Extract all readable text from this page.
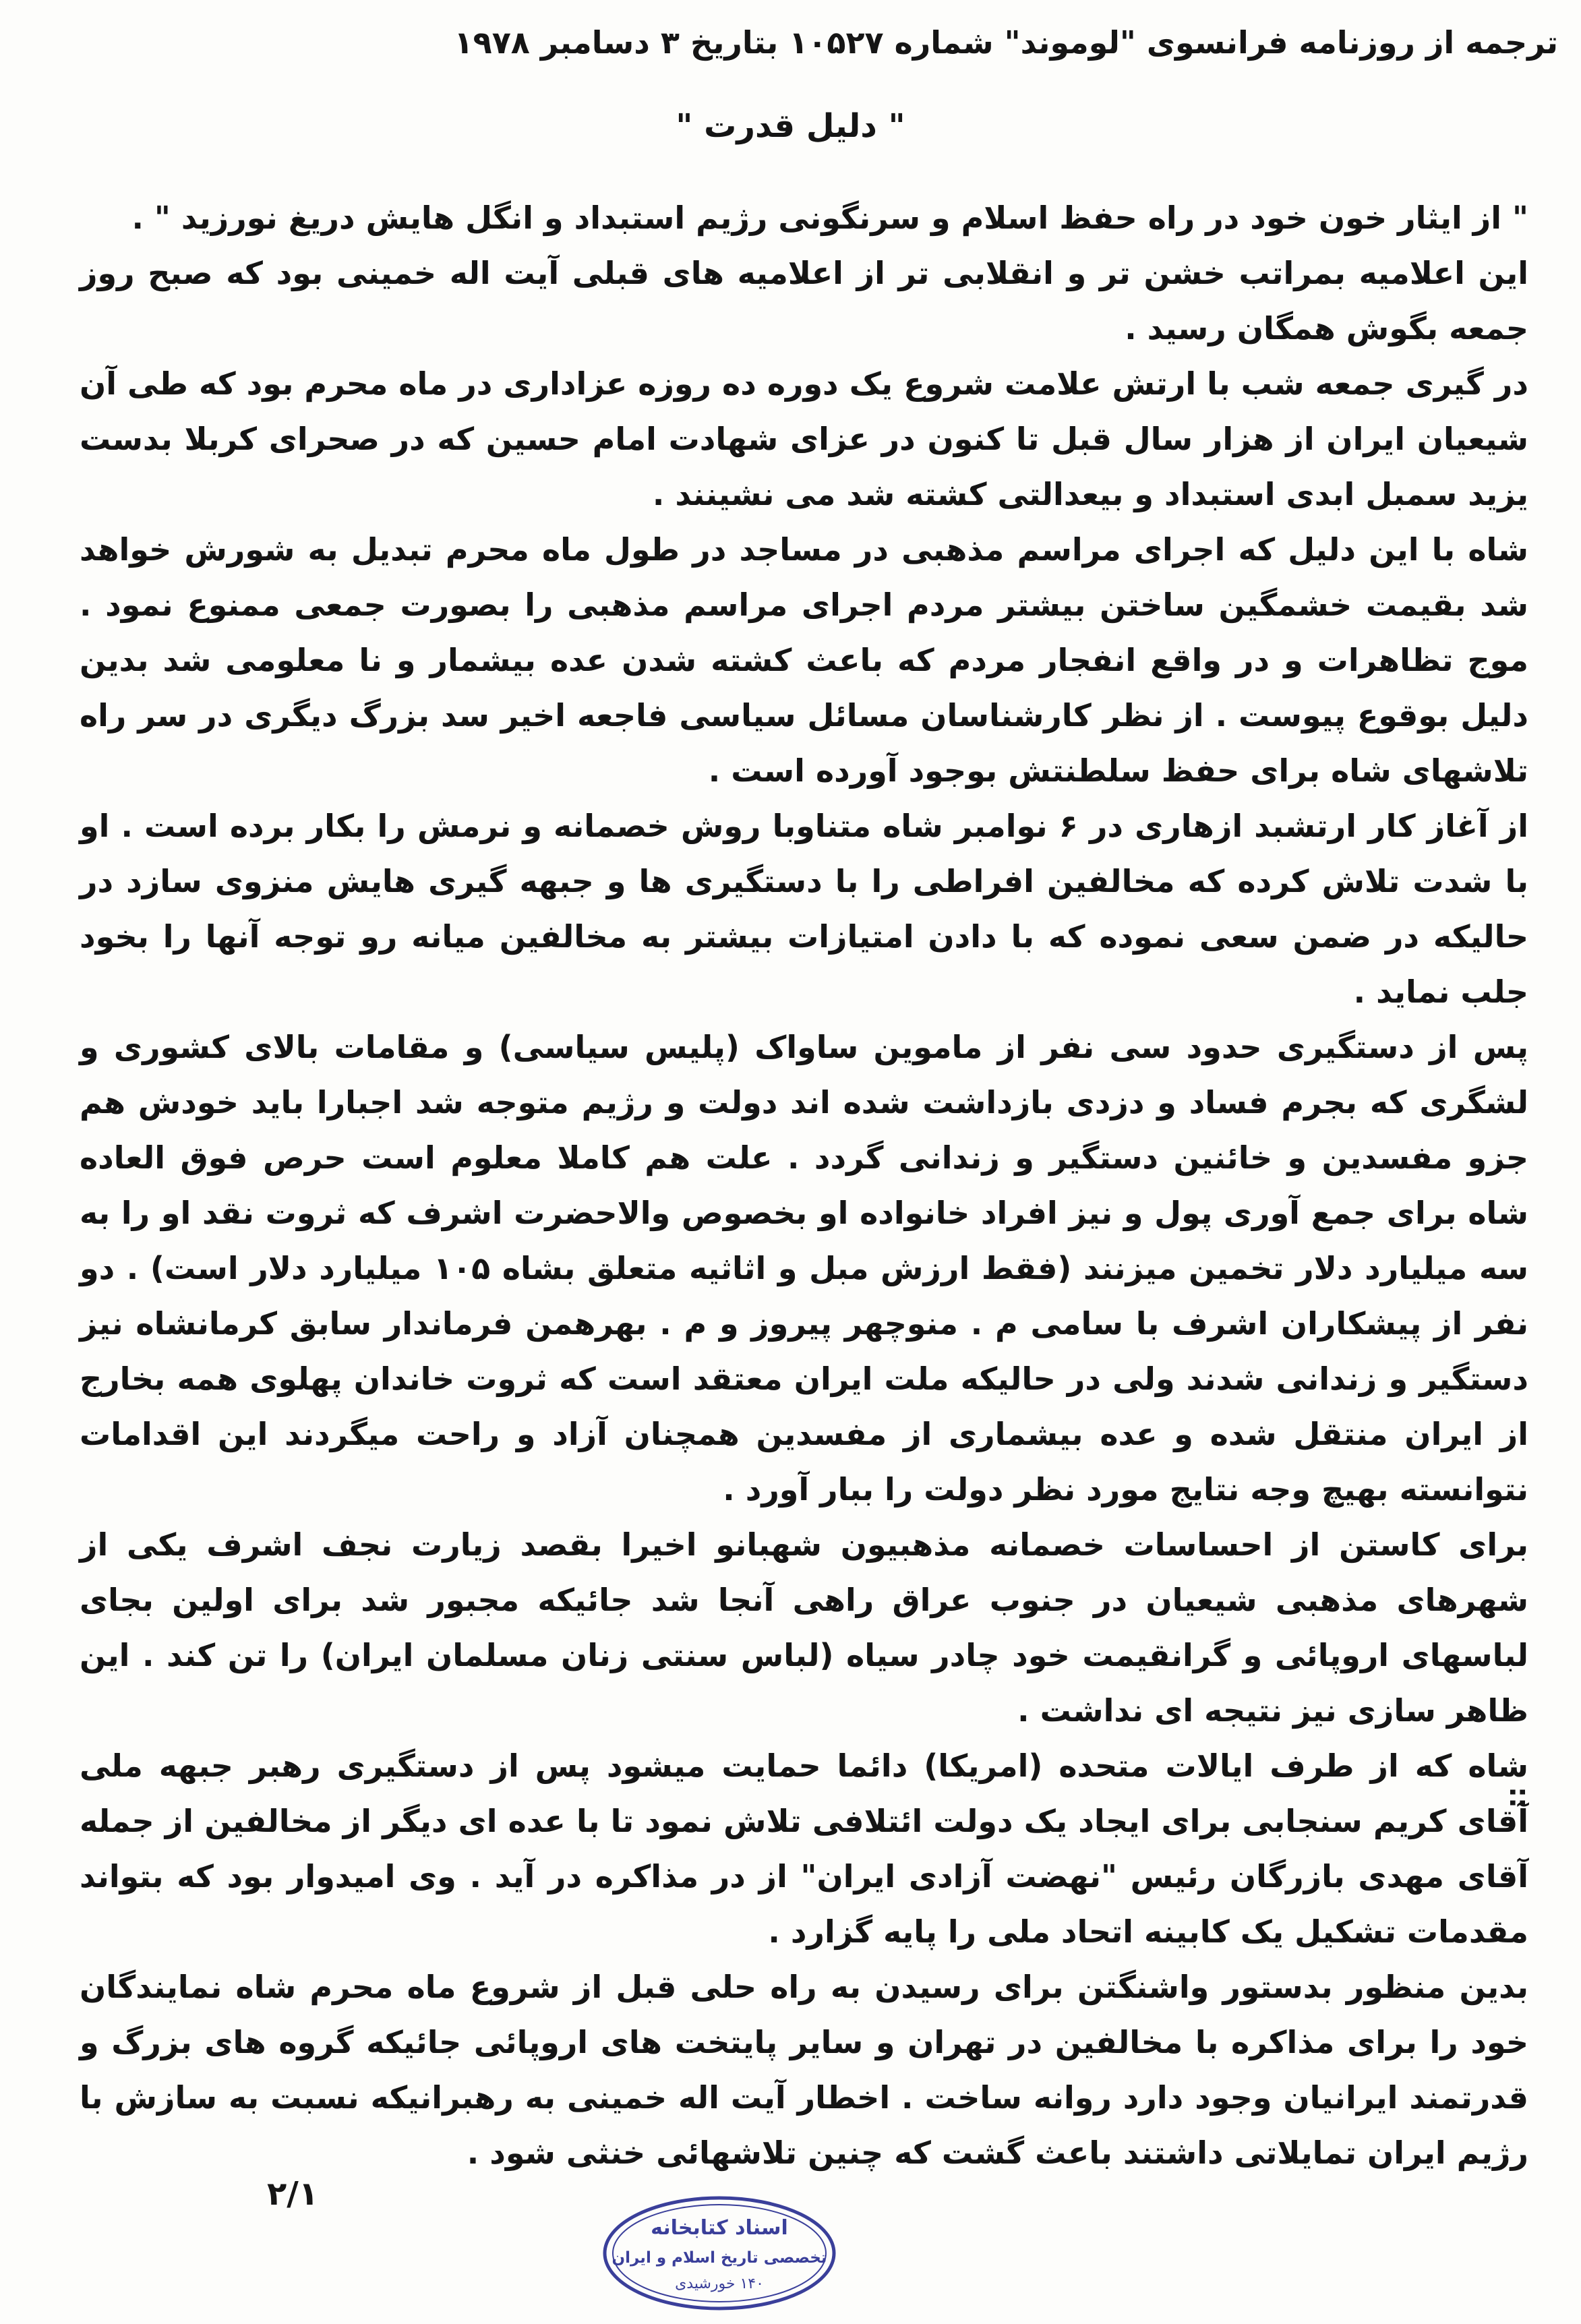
ترجمه از روزنامه فرانسوی "لوموند" شماره ۱۰۵۲۷ بتاریخ ۳ دسامبر ۱۹۷۸
" دلیل قدرت "

" از ایثار خون خود در راه حفظ اسلام و سرنگونی رژیم استبداد و انگل هایش دریغ نورزید " .

این اعلامیه بمراتب خشن تر و انقلابی تر از اعلامیه های قبلی آیت اله خمینی بود که صبح روز جمعه بگوش همگان رسید .

در گیری جمعه شب با ارتش علامت شروع یک دوره ده روزه عزاداری در ماه محرم بود که طی آن شیعیان ایران از هزار سال قبل تا کنون در عزای شهادت امام حسین که در صحرای کربلا بدست یزید سمبل ابدی استبداد و بیعدالتی کشته شد می نشینند .

شاه با این دلیل که اجرای مراسم مذهبی در مساجد در طول ماه محرم تبدیل به شورش خواهد شد بقیمت خشمگین ساختن بیشتر مردم اجرای مراسم مذهبی را بصورت جمعی ممنوع نمود . موج تظاهرات و در واقع انفجار مردم که باعث کشته شدن عده بیشمار و نا معلومی شد بدین دلیل بوقوع پیوست . از نظر کارشناسان مسائل سیاسی فاجعه اخیر سد بزرگ دیگری در سر راه تلاشهای شاه برای حفظ سلطنتش بوجود آورده است .

از آغاز کار ارتشبد ازهاری در ۶ نوامبر شاه متناوبا روش خصمانه و نرمش را بکار برده است . او با شدت تلاش کرده که مخالفین افراطی را با دستگیری ها و جبهه گیری هایش منزوی سازد در حالیکه در ضمن سعی نموده که با دادن امتیازات بیشتر به مخالفین میانه رو توجه آنها را بخود جلب نماید .

پس از دستگیری حدود سی نفر از ماموین ساواک (پلیس سیاسی) و مقامات بالای کشوری و لشگری که بجرم فساد و دزدی بازداشت شده اند دولت و رژیم متوجه شد اجبارا باید خودش هم جزو مفسدین و خائنین دستگیر و زندانی گردد . علت هم کاملا معلوم است حرص فوق العاده شاه برای جمع آوری پول و نیز افراد خانواده او بخصوص والاحضرت اشرف که ثروت نقد او را به سه میلیارد دلار تخمین میزنند (فقط ارزش مبل و اثاثیه متعلق بشاه ۱۰۵ میلیارد دلار است) . دو نفر از پیشکاران اشرف با سامی م . منوچهر پیروز و م . بهرهمن فرماندار سابق کرمانشاه نیز دستگیر و زندانی شدند ولی در حالیکه ملت ایران معتقد است که ثروت خاندان پهلوی همه بخارج از ایران منتقل شده و عده بیشماری از مفسدین همچنان آزاد و راحت میگردند این اقدامات نتوانسته بهیچ وجه نتایج مورد نظر دولت را ببار آورد .

برای کاستن از احساسات خصمانه مذهبیون شهبانو اخیرا بقصد زیارت نجف اشرف یکی از شهرهای مذهبی شیعیان در جنوب عراق راهی آنجا شد جائیکه مجبور شد برای اولین بجای لباسهای اروپائی و گرانقیمت خود چادر سیاه (لباس سنتی زنان مسلمان ایران) را تن کند . این ظاهر سازی نیز نتیجه ای نداشت .

شاه که از طرف ایالات متحده (امریکا) دائما حمایت میشود پس از دستگیری رهبر جبهه ملی آقای کریم سنجابی برای ایجاد یک دولت ائتلافی تلاش نمود تا با عده ای دیگر از مخالفین از جمله آقای مهدی بازرگان رئیس "نهضت آزادی ایران" از در مذاکره در آید . وی امیدوار بود که بتواند مقدمات تشکیل یک کابینه اتحاد ملی را پایه گزارد .

بدین منظور بدستور واشنگتن برای رسیدن به راه حلی قبل از شروع ماه محرم شاه نمایندگان خود را برای مذاکره با مخالفین در تهران و سایر پایتخت های اروپائی جائیکه گروه های بزرگ و قدرتمند ایرانیان وجود دارد روانه ساخت . اخطار آیت اله خمینی به رهبرانیکه نسبت به سازش با رژیم ایران تمایلاتی داشتند باعث گشت که چنین تلاشهائی خنثی شود .

::
۲/۱
اسناد کتابخانه
تخصصی تاریخ اسلام و ایران
۱۴۰ خورشیدی
